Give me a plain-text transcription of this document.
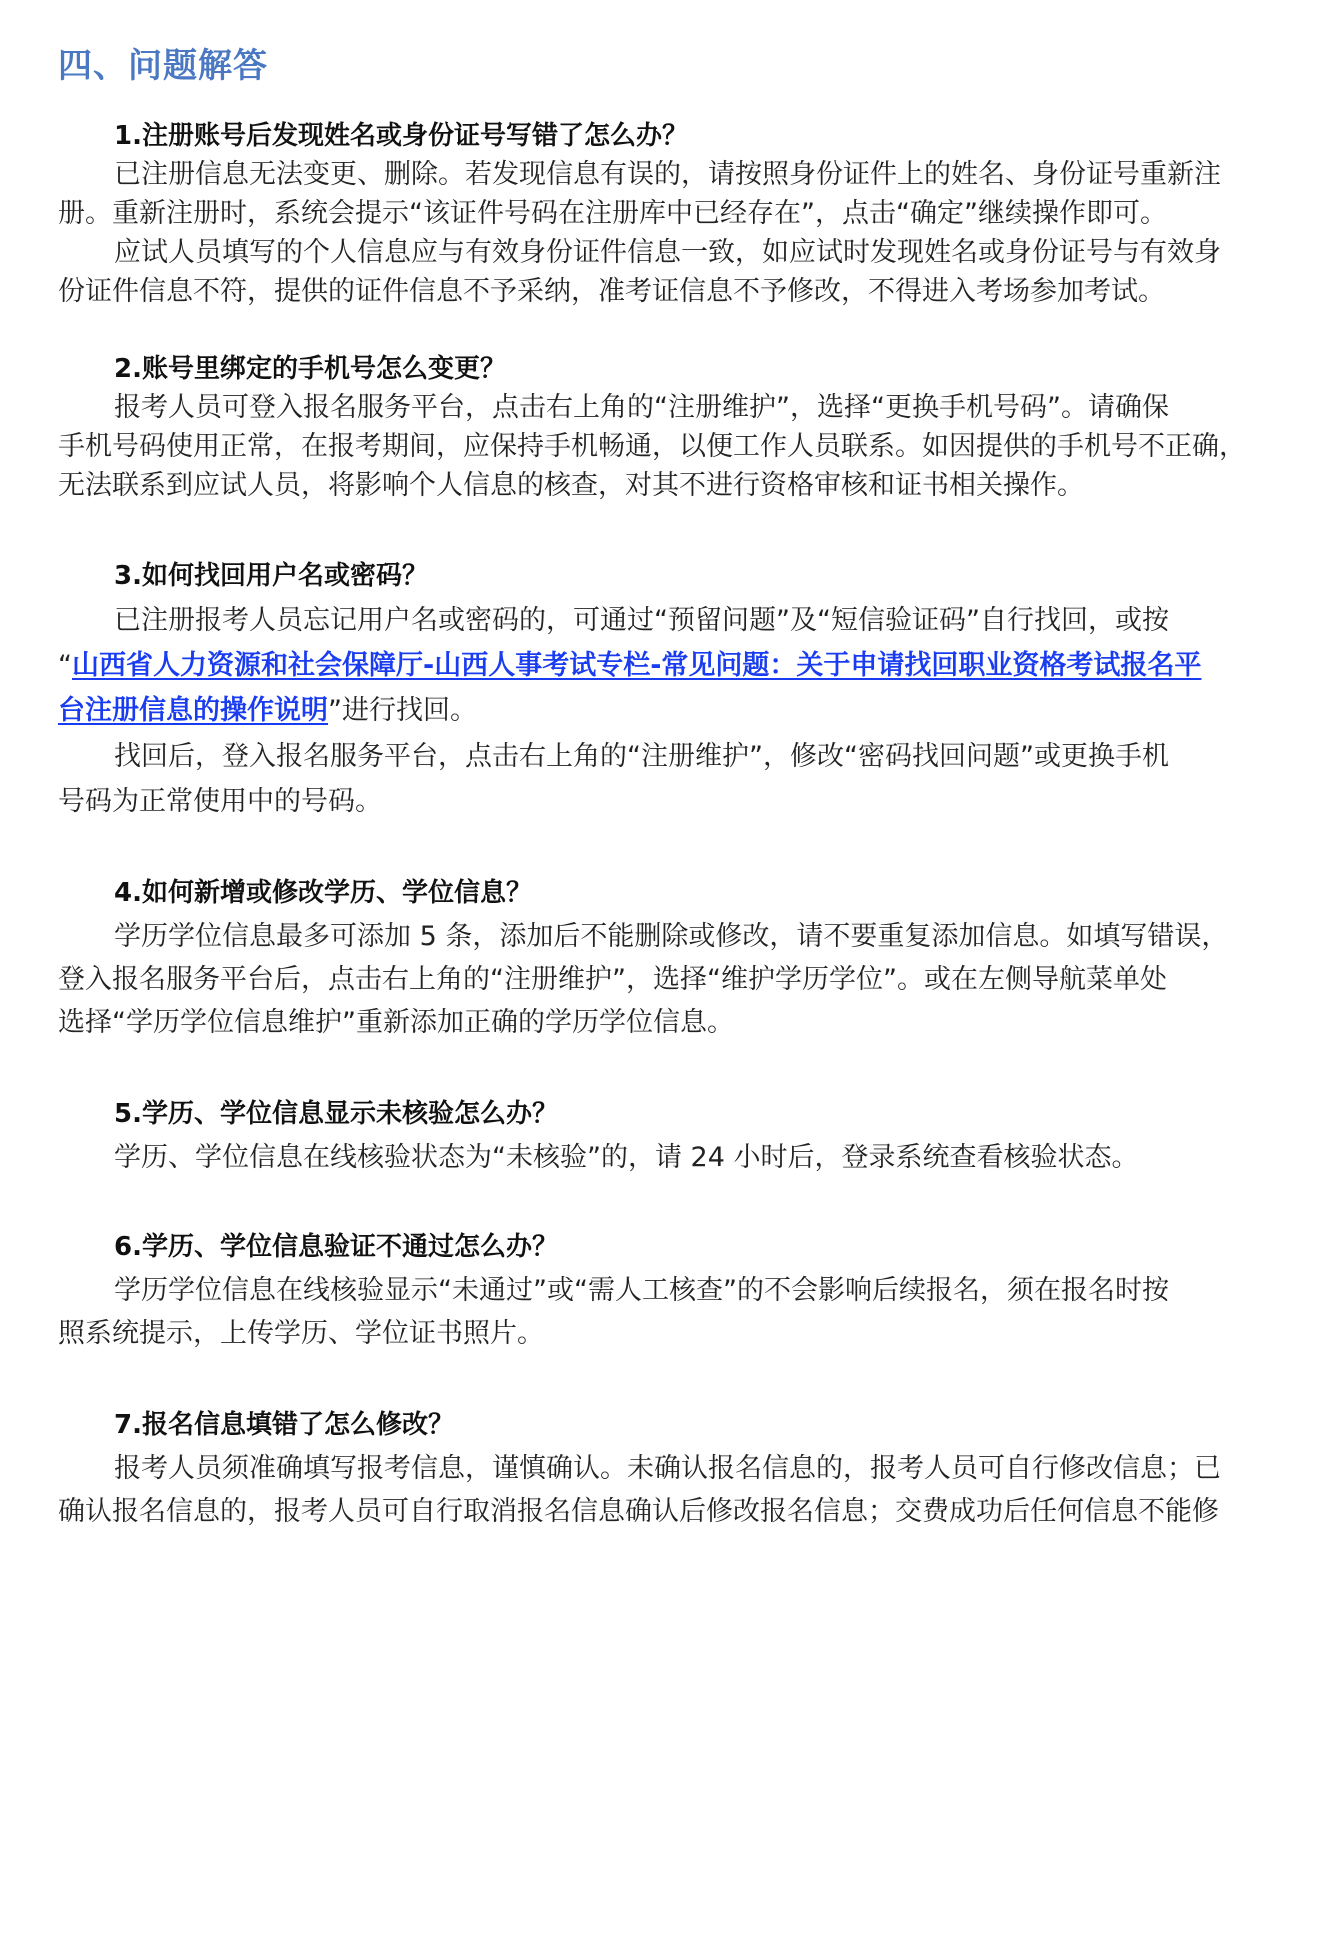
四、问题解答
1.注册账号后发现姓名或身份证号写错了怎么办？
已注册信息无法变更、删除。若发现信息有误的，请按照身份证件上的姓名、身份证号重新注
册。重新注册时，系统会提示“该证件号码在注册库中已经存在”，点击“确定”继续操作即可。
应试人员填写的个人信息应与有效身份证件信息一致，如应试时发现姓名或身份证号与有效身
份证件信息不符，提供的证件信息不予采纳，准考证信息不予修改，不得进入考场参加考试。
2.账号里绑定的手机号怎么变更？
报考人员可登入报名服务平台，点击右上角的“注册维护”，选择“更换手机号码”。请确保
手机号码使用正常，在报考期间，应保持手机畅通，以便工作人员联系。如因提供的手机号不正确，
无法联系到应试人员，将影响个人信息的核查，对其不进行资格审核和证书相关操作。
3.如何找回用户名或密码？
已注册报考人员忘记用户名或密码的，可通过“预留问题”及“短信验证码”自行找回，或按
“山西省人力资源和社会保障厅-山西人事考试专栏-常见问题：关于申请找回职业资格考试报名平
台注册信息的操作说明”进行找回。
找回后，登入报名服务平台，点击右上角的“注册维护”，修改“密码找回问题”或更换手机
号码为正常使用中的号码。
4.如何新增或修改学历、学位信息？
学历学位信息最多可添加 5 条，添加后不能删除或修改，请不要重复添加信息。如填写错误，
登入报名服务平台后，点击右上角的“注册维护”，选择“维护学历学位”。或在左侧导航菜单处
选择“学历学位信息维护”重新添加正确的学历学位信息。
5.学历、学位信息显示未核验怎么办？
学历、学位信息在线核验状态为“未核验”的，请 24 小时后，登录系统查看核验状态。
6.学历、学位信息验证不通过怎么办？
学历学位信息在线核验显示“未通过”或“需人工核查”的不会影响后续报名，须在报名时按
照系统提示，上传学历、学位证书照片。
7.报名信息填错了怎么修改？
报考人员须准确填写报考信息，谨慎确认。未确认报名信息的，报考人员可自行修改信息；已
确认报名信息的，报考人员可自行取消报名信息确认后修改报名信息；交费成功后任何信息不能修
